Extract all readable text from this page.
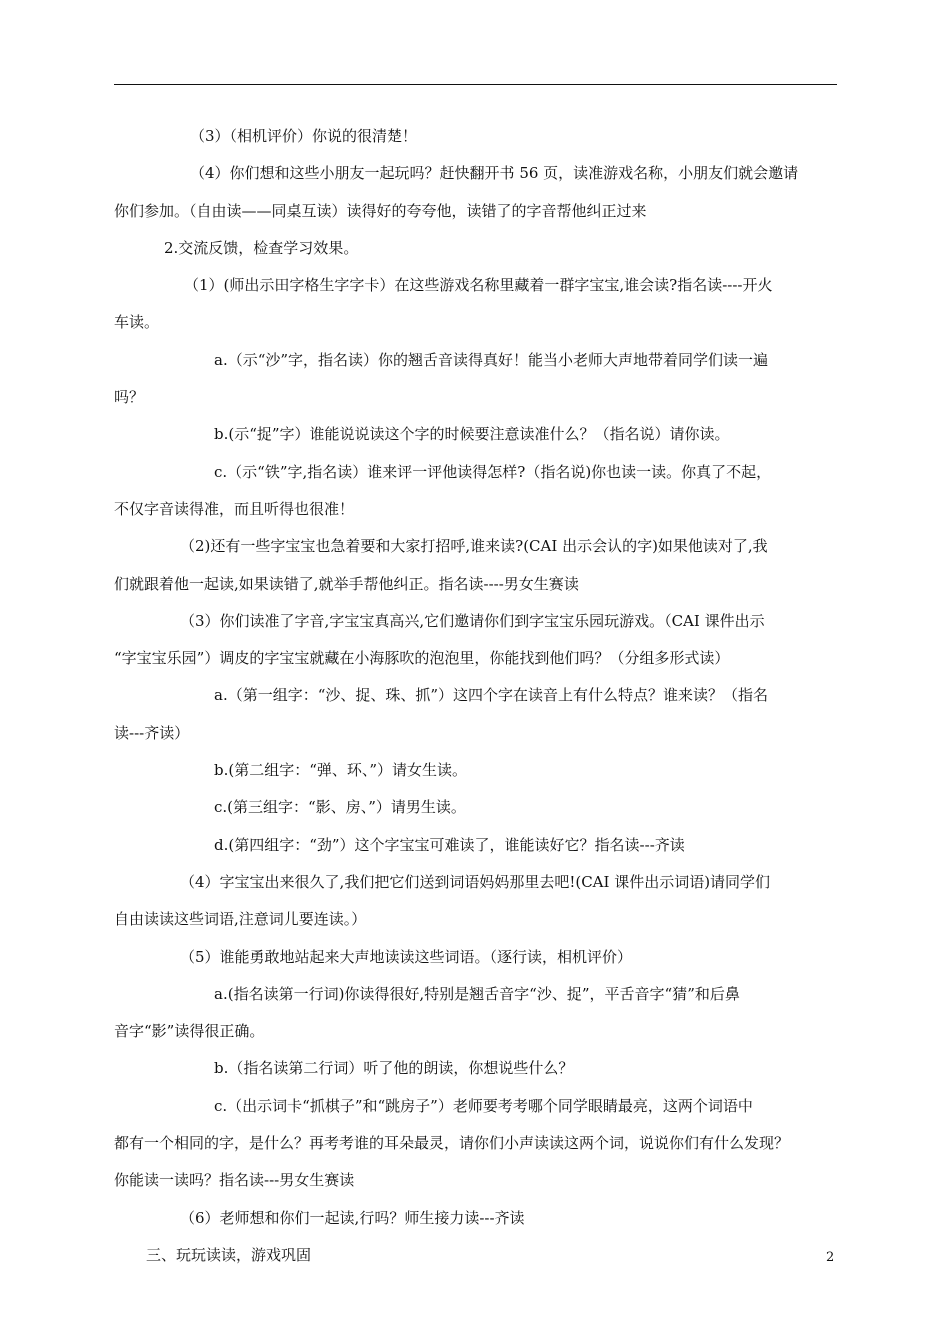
（3）（相机评价）你说的很清楚！
（4）你们想和这些小朋友一起玩吗？赶快翻开书 56 页，读准游戏名称，小朋友们就会邀请
你们参加。（自由读——同桌互读）读得好的夸夸他，读错了的字音帮他纠正过来
2.交流反馈，检查学习效果。
（1）(师出示田字格生字字卡）在这些游戏名称里藏着一群字宝宝,谁会读?指名读----开火
车读。
a.（示“沙”字，指名读）你的翘舌音读得真好！能当小老师大声地带着同学们读一遍
吗？
b.(示“捉”字）谁能说说读这个字的时候要注意读准什么？（指名说）请你读。
c.（示“铁”字,指名读）谁来评一评他读得怎样?（指名说)你也读一读。你真了不起，
不仅字音读得准，而且听得也很准！
（2)还有一些字宝宝也急着要和大家打招呼,谁来读?(CAI 出示会认的字)如果他读对了,我
们就跟着他一起读,如果读错了,就举手帮他纠正。指名读----男女生赛读
（3）你们读准了字音,字宝宝真高兴,它们邀请你们到字宝宝乐园玩游戏。（CAI 课件出示
“字宝宝乐园”）调皮的字宝宝就藏在小海豚吹的泡泡里，你能找到他们吗？（分组多形式读）
a.（第一组字：“沙、捉、珠、抓”）这四个字在读音上有什么特点？谁来读？（指名
读---齐读）
b.(第二组字：“弹、环、”）请女生读。
c.(第三组字：“影、房、”）请男生读。
d.(第四组字：“劲”）这个字宝宝可难读了，谁能读好它？指名读---齐读
（4）字宝宝出来很久了,我们把它们送到词语妈妈那里去吧!(CAI 课件出示词语)请同学们
自由读读这些词语,注意词儿要连读。）
（5）谁能勇敢地站起来大声地读读这些词语。（逐行读，相机评价）
a.(指名读第一行词)你读得很好,特别是翘舌音字“沙、捉”，平舌音字“猜”和后鼻
音字“影”读得很正确。
b.（指名读第二行词）听了他的朗读，你想说些什么？
c.（出示词卡“抓棋子”和“跳房子”）老师要考考哪个同学眼睛最亮，这两个词语中
都有一个相同的字，是什么？再考考谁的耳朵最灵，请你们小声读读这两个词，说说你们有什么发现？
你能读一读吗？指名读---男女生赛读
（6）老师想和你们一起读,行吗？师生接力读---齐读
三、玩玩读读，游戏巩固	2
